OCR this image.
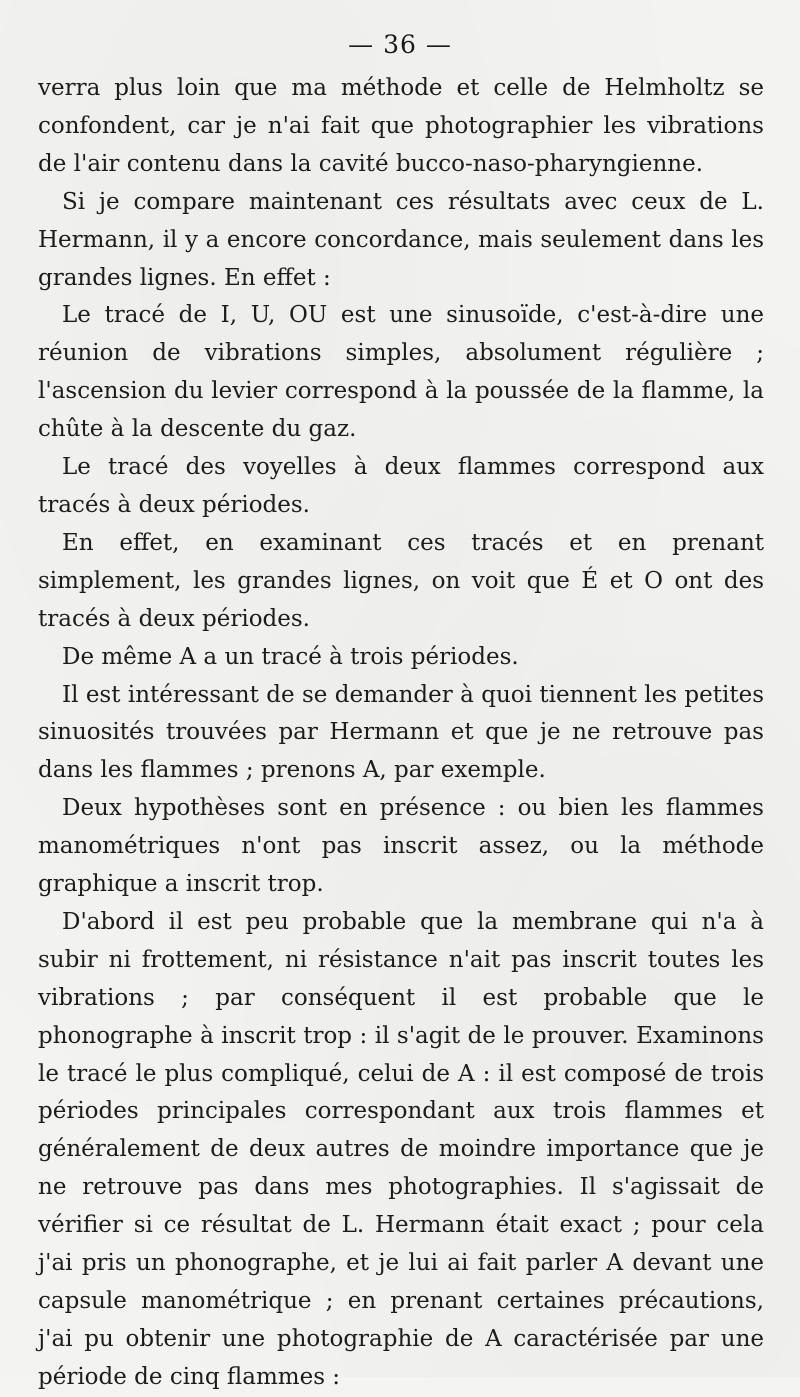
— 36 —

verra plus loin que ma méthode et celle de Helmholtz se confondent, car je n'ai fait que photographier les vibrations de l'air contenu dans la cavité bucco-naso-pharyngienne.

Si je compare maintenant ces résultats avec ceux de L. Hermann, il y a encore concordance, mais seulement dans les grandes lignes. En effet :

Le tracé de I, U, OU est une sinusoïde, c'est-à-dire une réunion de vibrations simples, absolument régulière ; l'ascension du levier correspond à la poussée de la flamme, la chûte à la descente du gaz.

Le tracé des voyelles à deux flammes correspond aux tracés à deux périodes.

En effet, en examinant ces tracés et en prenant simplement, les grandes lignes, on voit que É et O ont des tracés à deux périodes.

De même A a un tracé à trois périodes.

Il est intéressant de se demander à quoi tiennent les petites sinuosités trouvées par Hermann et que je ne retrouve pas dans les flammes ; prenons A, par exemple.

Deux hypothèses sont en présence : ou bien les flammes manométriques n'ont pas inscrit assez, ou la méthode graphique a inscrit trop.

D'abord il est peu probable que la membrane qui n'a à subir ni frottement, ni résistance n'ait pas inscrit toutes les vibrations ; par conséquent il est probable que le phonographe à inscrit trop : il s'agit de le prouver. Examinons le tracé le plus compliqué, celui de A : il est composé de trois périodes principales correspondant aux trois flammes et généralement de deux autres de moindre importance que je ne retrouve pas dans mes photographies. Il s'agissait de vérifier si ce résultat de L. Hermann était exact ; pour cela j'ai pris un phonographe, et je lui ai fait parler A devant une capsule manométrique ; en prenant certaines précautions, j'ai pu obtenir une photographie de A caractérisée par une période de cinq flammes :
